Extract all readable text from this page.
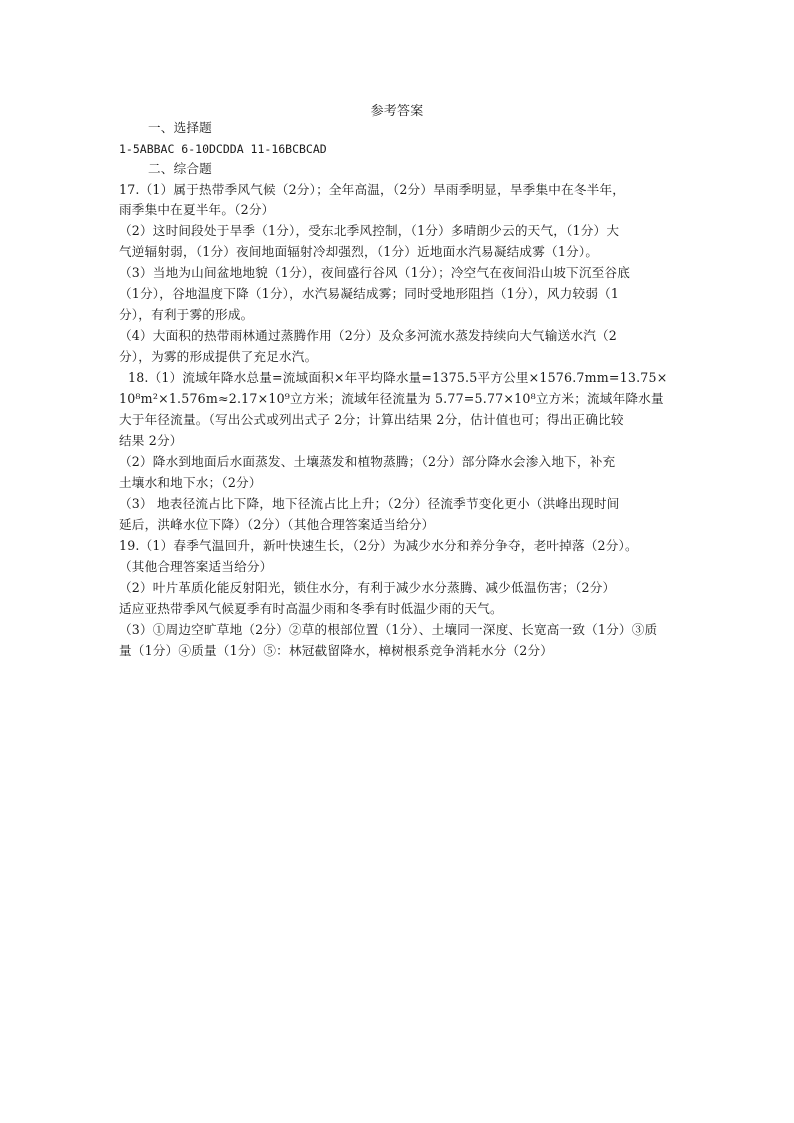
参考答案
一、选择题
1-5ABBAC 6-10DCDDA 11-16BCBCAD
二、综合题
17.（1）属于热带季风气候（2分）；全年高温，（2分）旱雨季明显，旱季集中在冬半年，
雨季集中在夏半年。（2分）
（2）这时间段处于旱季（1分），受东北季风控制，（1分）多晴朗少云的天气，（1分）大
气逆辐射弱，（1分）夜间地面辐射冷却强烈，（1分）近地面水汽易凝结成雾（1分）。
（3）当地为山间盆地地貌（1分），夜间盛行谷风（1分）；冷空气在夜间沿山坡下沉至谷底
（1分），谷地温度下降（1分），水汽易凝结成雾；同时受地形阻挡（1分），风力较弱（1
分），有利于雾的形成。
（4）大面积的热带雨林通过蒸腾作用（2分）及众多河流水蒸发持续向大气输送水汽（2
分），为雾的形成提供了充足水汽。
18.（1）流域年降水总量=流域面积×年平均降水量=1375.5平方公里×1576.7mm=13.75×
10⁸m²×1.576m≈2.17×10⁹立方米；流域年径流量为 5.77=5.77×10⁸立方米；流域年降水量
大于年径流量。（写出公式或列出式子 2分；计算出结果 2分，估计值也可；得出正确比较
结果 2分）
（2）降水到地面后水面蒸发、土壤蒸发和植物蒸腾；（2分）部分降水会渗入地下，补充
土壤水和地下水；（2分）
（3） 地表径流占比下降，地下径流占比上升；（2分）径流季节变化更小（洪峰出现时间
延后，洪峰水位下降）（2分）（其他合理答案适当给分）
19.（1）春季气温回升，新叶快速生长，（2分）为减少水分和养分争夺，老叶掉落（2分）。
（其他合理答案适当给分）
（2）叶片革质化能反射阳光，锁住水分，有利于减少水分蒸腾、减少低温伤害；（2分）
适应亚热带季风气候夏季有时高温少雨和冬季有时低温少雨的天气。
（3）①周边空旷草地（2分）②草的根部位置（1分）、土壤同一深度、长宽高一致（1分）③质
量（1分）④质量（1分）⑤：林冠截留降水，樟树根系竞争消耗水分（2分）
